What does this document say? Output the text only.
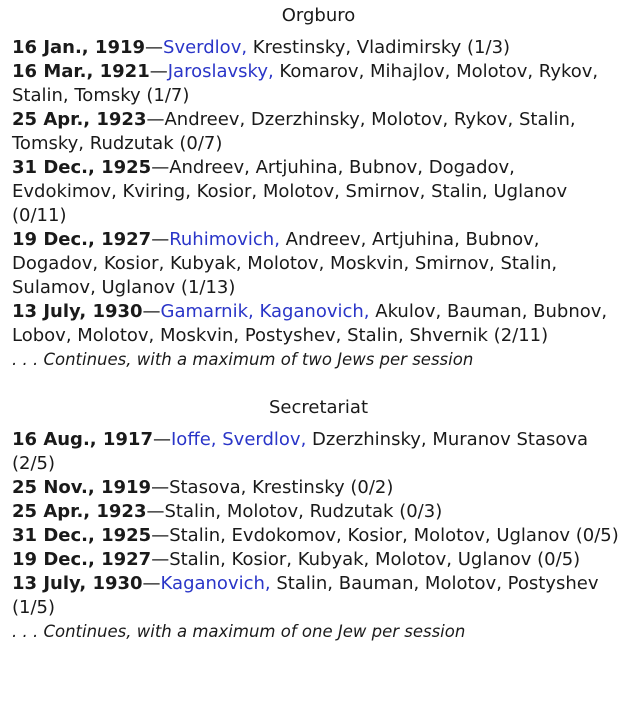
Orgburo

16 Jan., 1919—Sverdlov, Krestinsky, Vladimirsky (1/3)

16 Mar., 1921—Jaroslavsky, Komarov, Mihajlov, Molotov, Rykov, Stalin, Tomsky (1/7)

25 Apr., 1923—Andreev, Dzerzhinsky, Molotov, Rykov, Stalin, Tomsky, Rudzutak (0/7)

31 Dec., 1925—Andreev, Artjuhina, Bubnov, Dogadov, Evdokimov, Kviring, Kosior, Molotov, Smirnov, Stalin, Uglanov (0/11)

19 Dec., 1927—Ruhimovich, Andreev, Artjuhina, Bubnov, Dogadov, Kosior, Kubyak, Molotov, Moskvin, Smirnov, Stalin, Sulamov, Uglanov (1/13)

13 July, 1930—Gamarnik, Kaganovich, Akulov, Bauman, Bubnov, Lobov, Molotov, Moskvin, Postyshev, Stalin, Shvernik (2/11)

. . . Continues, with a maximum of two Jews per session

Secretariat

16 Aug., 1917—Ioffe, Sverdlov, Dzerzhinsky, Muranov Stasova (2/5)

25 Nov., 1919—Stasova, Krestinsky (0/2)

25 Apr., 1923—Stalin, Molotov, Rudzutak (0/3)

31 Dec., 1925—Stalin, Evdokomov, Kosior, Molotov, Uglanov (0/5)

19 Dec., 1927—Stalin, Kosior, Kubyak, Molotov, Uglanov (0/5)

13 July, 1930—Kaganovich, Stalin, Bauman, Molotov, Postyshev (1/5)

. . . Continues, with a maximum of one Jew per session
